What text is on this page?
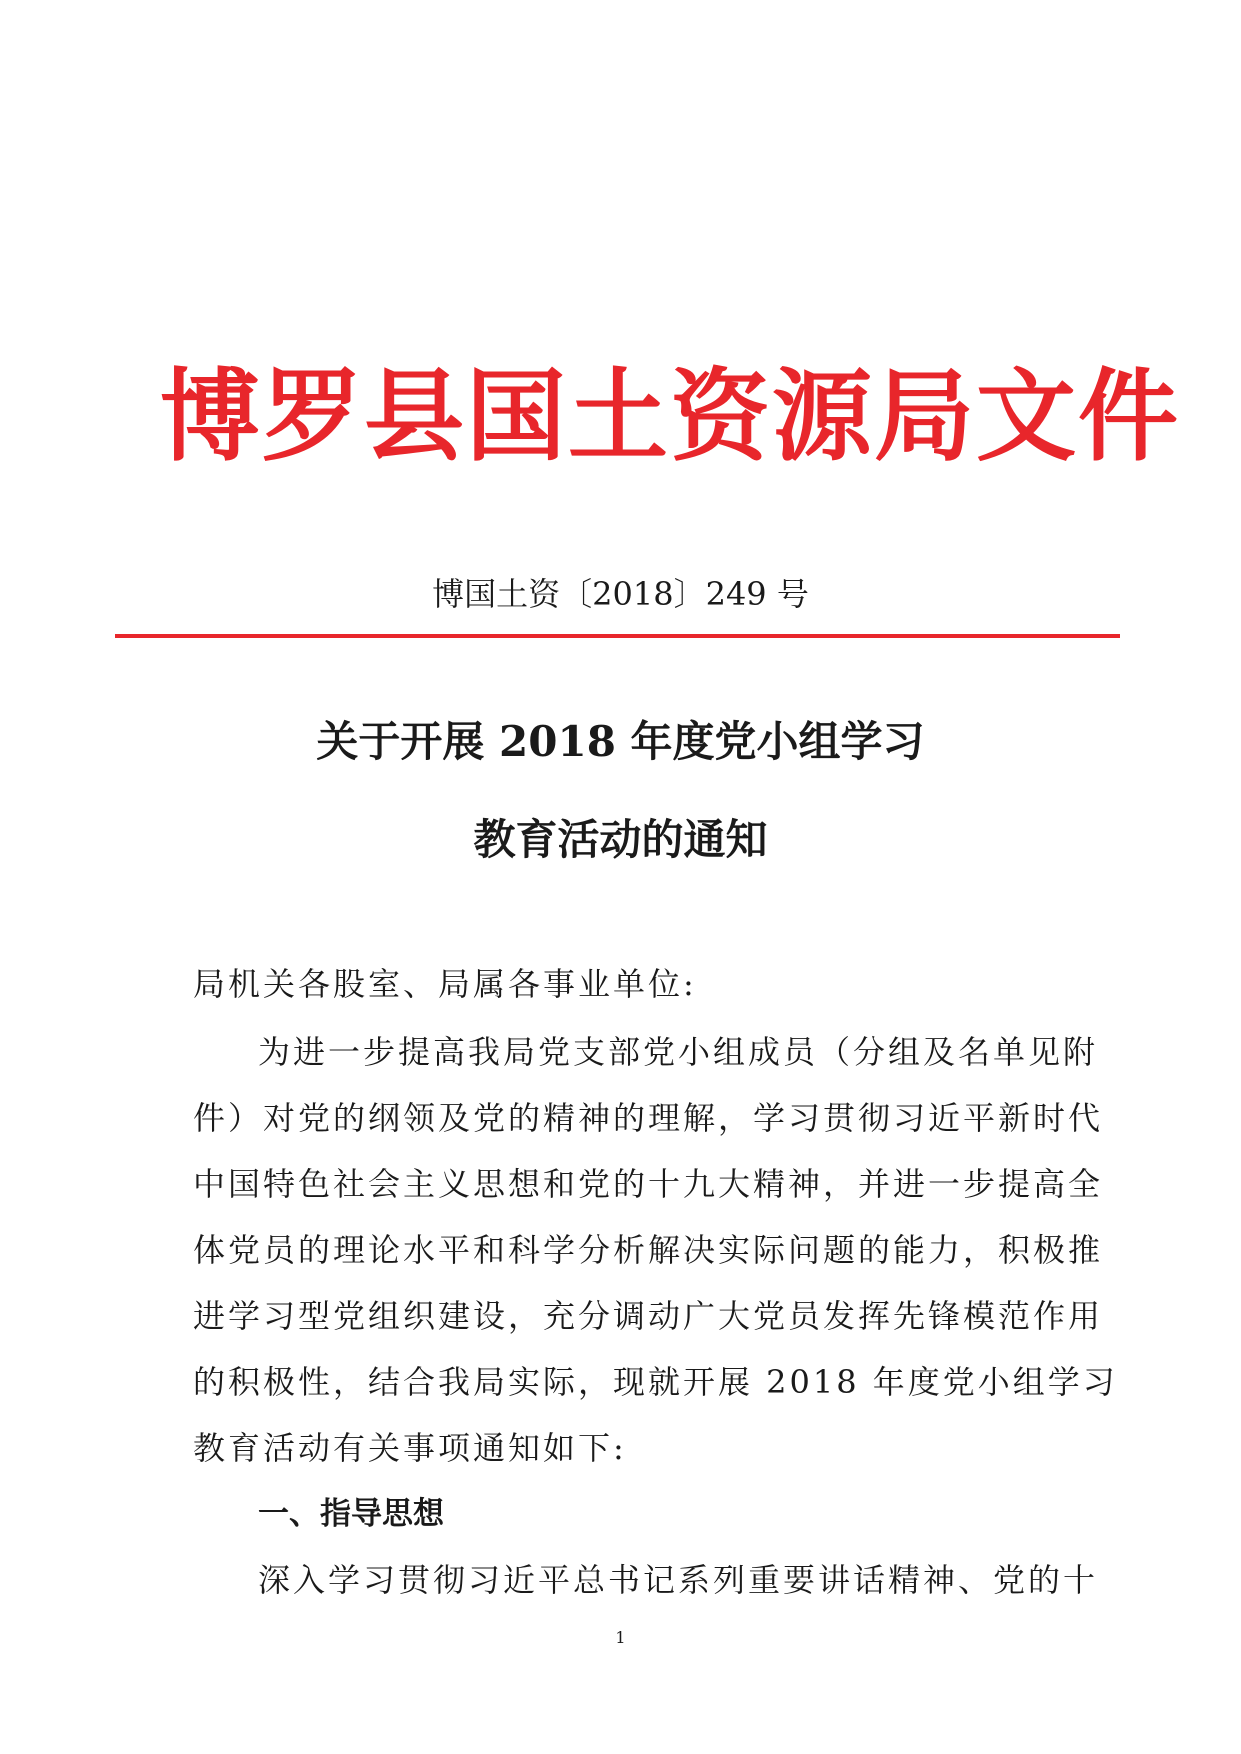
博罗县国土资源局文件
博国土资〔2018〕249 号
关于开展 2018 年度党小组学习
教育活动的通知
局机关各股室、局属各事业单位:
为进一步提高我局党支部党小组成员（分组及名单见附
件）对党的纲领及党的精神的理解，学习贯彻习近平新时代
中国特色社会主义思想和党的十九大精神，并进一步提高全
体党员的理论水平和科学分析解决实际问题的能力，积极推
进学习型党组织建设，充分调动广大党员发挥先锋模范作用
的积极性，结合我局实际，现就开展 2018 年度党小组学习
教育活动有关事项通知如下:
一、指导思想
深入学习贯彻习近平总书记系列重要讲话精神、党的十
1
